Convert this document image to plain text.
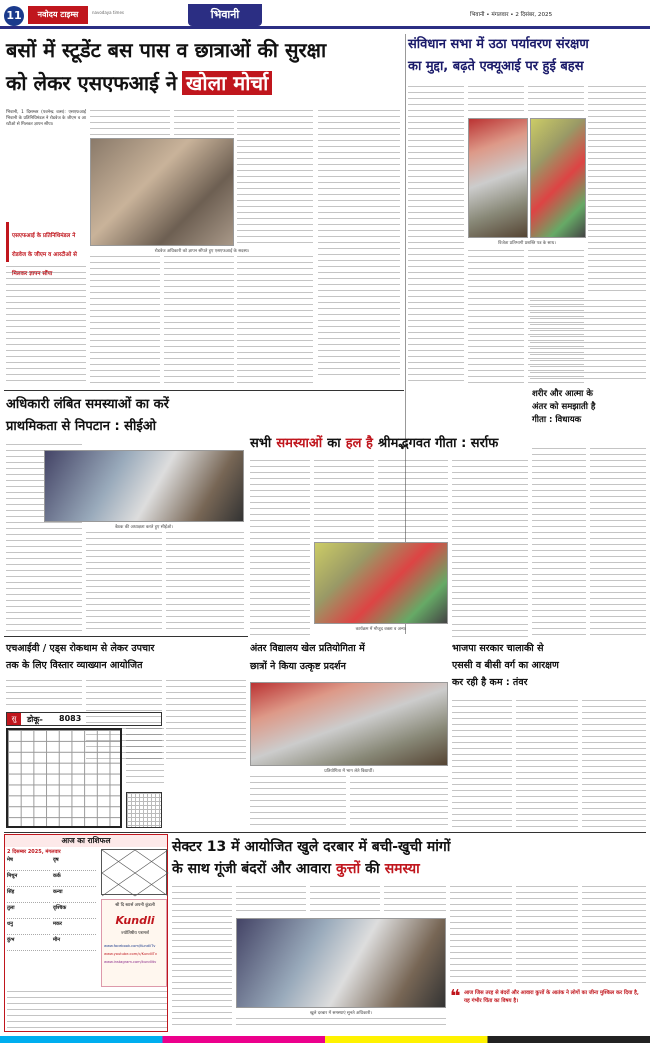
11	नवोदय टाइम्स	navodaya times	भिवानी	भिवानी • मंगलवार • 2 दिसंबर, 2025
बसों में स्टूडेंट बस पास व छात्राओं की सुरक्षा
को लेकर एसएफआई ने खोला मोर्चा
भिवानी, 1 दिसम्बर (पवनेन्द्र वत्स): एसएफआई भिवानी के प्रतिनिधिमंडल ने रोडवेज के जीएम व आरटीओ से मिलकर ज्ञापन सौंपा।
एसएफआई के प्रतिनिधिमंडल ने रोडवेज के जीएम व आरटीओ से मिलकर ज्ञापन सौंपा
रोडवेज अधिकारी को ज्ञापन सौंपते हुए एसएफआई के सदस्य।
संविधान सभा में उठा पर्यावरण संरक्षण
का मुद्दा, बढ़ते एक्यूआई पर हुई बहस
विजेता प्रतिभागी प्रशस्ति पत्र के साथ।
अधिकारी लंबित समस्याओं का करें
प्राथमिकता से निपटान : सीईओ
बैठक की अध्यक्षता करते हुए सीईओ।
सभी समस्याओं का हल है श्रीमद्भगवत गीता : सर्राफ
कार्यक्रम में मौजूद वक्ता व अन्य।
शरीर और आत्मा के
अंतर को समझाती है
गीता : विधायक
एचआईवी / एड्स रोकथाम से लेकर उपचार
तक के लिए विस्तार व्याख्यान आयोजित
सु	डोकू- 8083
अंतर विद्यालय खेल प्रतियोगिता में
छात्रों ने किया उत्कृष्ट प्रदर्शन
प्रतियोगिता में भाग लेते विद्यार्थी।
भाजपा सरकार चालाकी से
एससी व बीसी वर्ग का आरक्षण
कर रही है कम : तंवर
आज का राशिफल
2 दिसम्बर 2025, मंगलवार
मेष	वृष
मिथुन	कर्क
सिंह	कन्या
तुला	वृश्चिक
धनु	मकर
कुंभ	मीन
श्री दि स्टार्स अपनी कुंडली
Kundli
ज्योतिषीय परामर्श
www.facebook.com/KundliTv
www.youtube.com/c/KundliTv
www.instagram.com/kundlitv
सेक्टर 13 में आयोजित खुले दरबार में बची-खुची मांगों
के साथ गूंजी बंदरों और आवारा कुत्तों की समस्या
खुले दरबार में समस्याएं सुनते अधिकारी।
❝ आज जिस तरह से बंदरों और आवारा कुत्तों के आतंक ने लोगों का जीना मुश्किल कर दिया है, यह गंभीर चिंता का विषय है।
